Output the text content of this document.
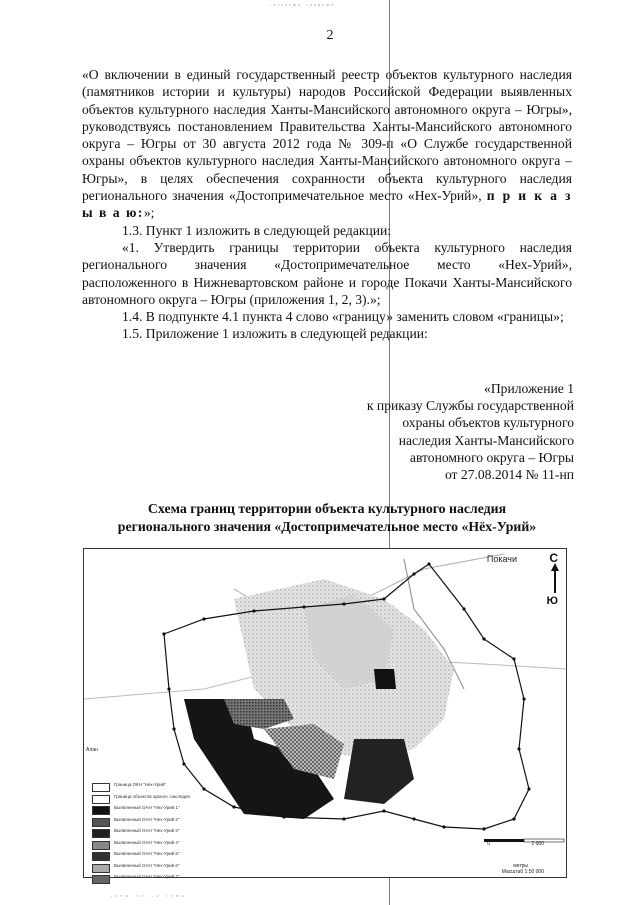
·ʷˢʳᵘᵉᵐᵃ ·ᵃᵉᵖᵉᵐᵃ
2

«О включении в единый государственный реестр объектов культурного наследия (памятников истории и культуры) народов Российской Федерации выявленных объектов культурного наследия Ханты-Мансийского автономного округа – Югры», руководствуясь постановлением Правительства Ханты-Мансийского автономного округа – Югры от 30 августа 2012 года № 309-п «О Службе государственной охраны объектов культурного наследия Ханты-Мансийского автономного округа – Югры», в целях обеспечения сохранности объекта культурного наследия регионального значения «Достопримечательное место «Нех-Урий», п р и к а з ы в а ю:»;

1.3. Пункт 1 изложить в следующей редакции:

«1. Утвердить границы территории объекта культурного наследия регионального значения «Достопримечательное место «Нех-Урий», расположенного в Нижневартовском районе и городе Покачи Ханты-Мансийского автономного округа – Югры (приложения 1, 2, 3).»;

1.4. В подпункте 4.1 пункта 4 слово «границу» заменить словом «границы»;

1.5. Приложение 1 изложить в следующей редакции:

«Приложение 1
к приказу Службы государственной
охраны объектов культурного
наследия Ханты-Мансийского
автономного округа – Югры
от 27.08.2014 № 11-нп
Схема границ территории объекта культурного наследия
регионального значения «Достопримечательное место «Нёх-Урий»
Покачи
Алан
С
Ю
0	2 000
метры
Масштаб 1:50 000
Граница ОКН "Нех-Урий"
Граница объектов археол. наследия
Выявленный ОАН "Нех-Урий 1"
Выявленный ОАН "Нех-Урий 2"
Выявленный ОАН "Нех-Урий 3"
Выявленный ОАН "Нех-Урий 4"
Выявленный ОАН "Нех-Урий 5"
Выявленный ОАН "Нех-Урий 6"
Выявленный ОАН "Нех-Урий 7"
·ᵃᵉᵐ ᵘᵉ ·ᵘ ʳᵉᵐᵃ
